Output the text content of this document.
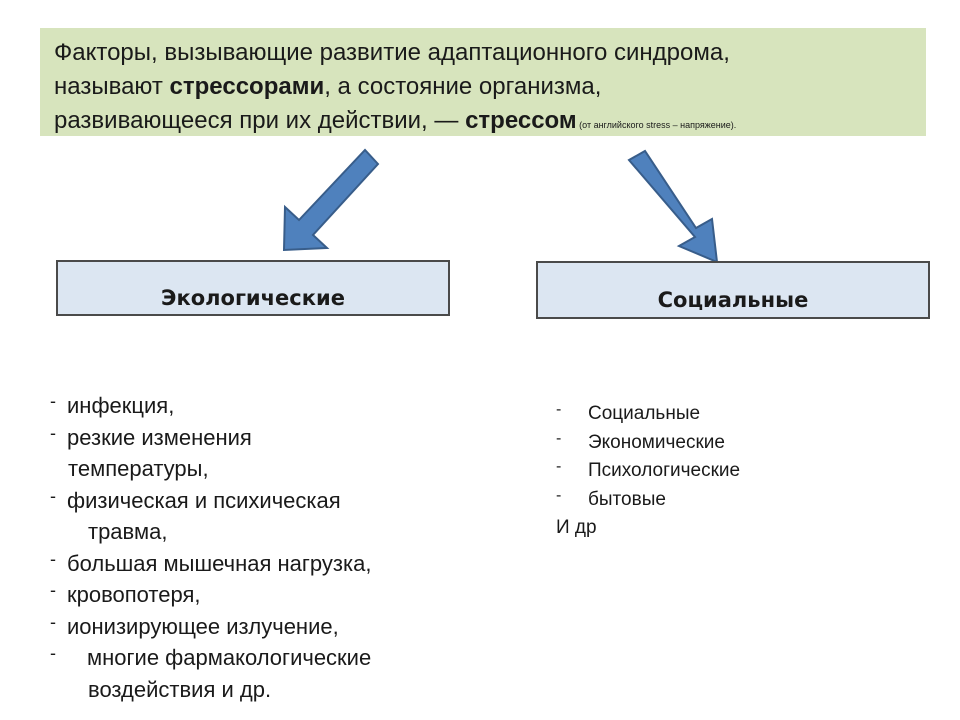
Факторы, вызывающие развитие адаптационного синдрома,
называют стрессорами, а состояние организма,
развивающееся при их действии, — стрессом (от английского stress – напряжение).
Экологические	Социальные
- инфекция,
- резкие изменения
температуры,
- физическая и психическая
травма,
- большая мышечная нагрузка,
- кровопотеря,
- ионизирующее излучение,
- многие фармакологические
воздействия и др.
- Социальные
- Экономические
- Психологические
- бытовые
И др
